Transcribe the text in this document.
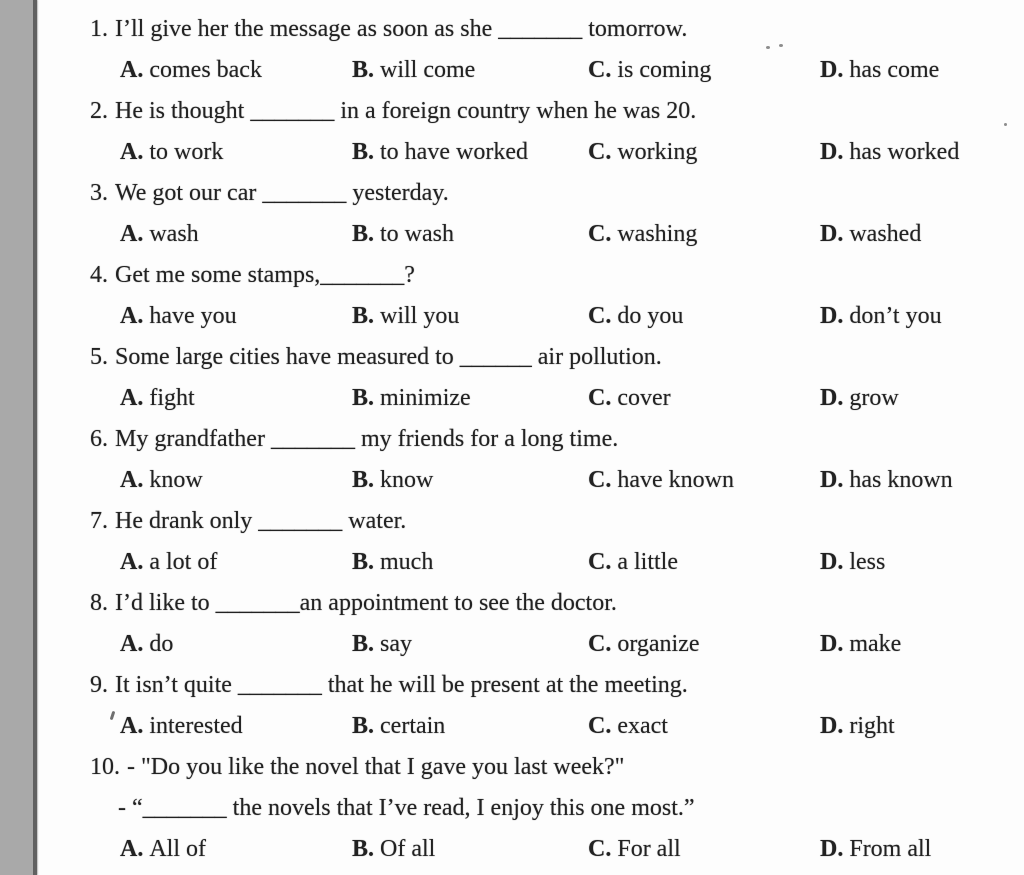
1. I’ll give her the message as soon as she _______ tomorrow.
A. comes back	B. will come	C. is coming	D. has come
2. He is thought _______ in a foreign country when he was 20.
A. to work	B. to have worked	C. working	D. has worked
3. We got our car _______ yesterday.
A. wash	B. to wash	C. washing	D. washed
4. Get me some stamps,_______?
A. have you	B. will you	C. do you	D. don’t you
5. Some large cities have measured to ______ air pollution.
A. fight	B. minimize	C. cover	D. grow
6. My grandfather _______ my friends for a long time.
A. know	B. know	C. have known	D. has known
7. He drank only _______ water.
A. a lot of	B. much	C. a little	D. less
8. I’d like to _______an appointment to see the doctor.
A. do	B. say	C. organize	D. make
9. It isn’t quite _______ that he will be present at the meeting.
A. interested	B. certain	C. exact	D. right
10. - "Do you like the novel that I gave you last week?"
- “_______ the novels that I’ve read, I enjoy this one most.”
A. All of	B. Of all	C. For all	D. From all
